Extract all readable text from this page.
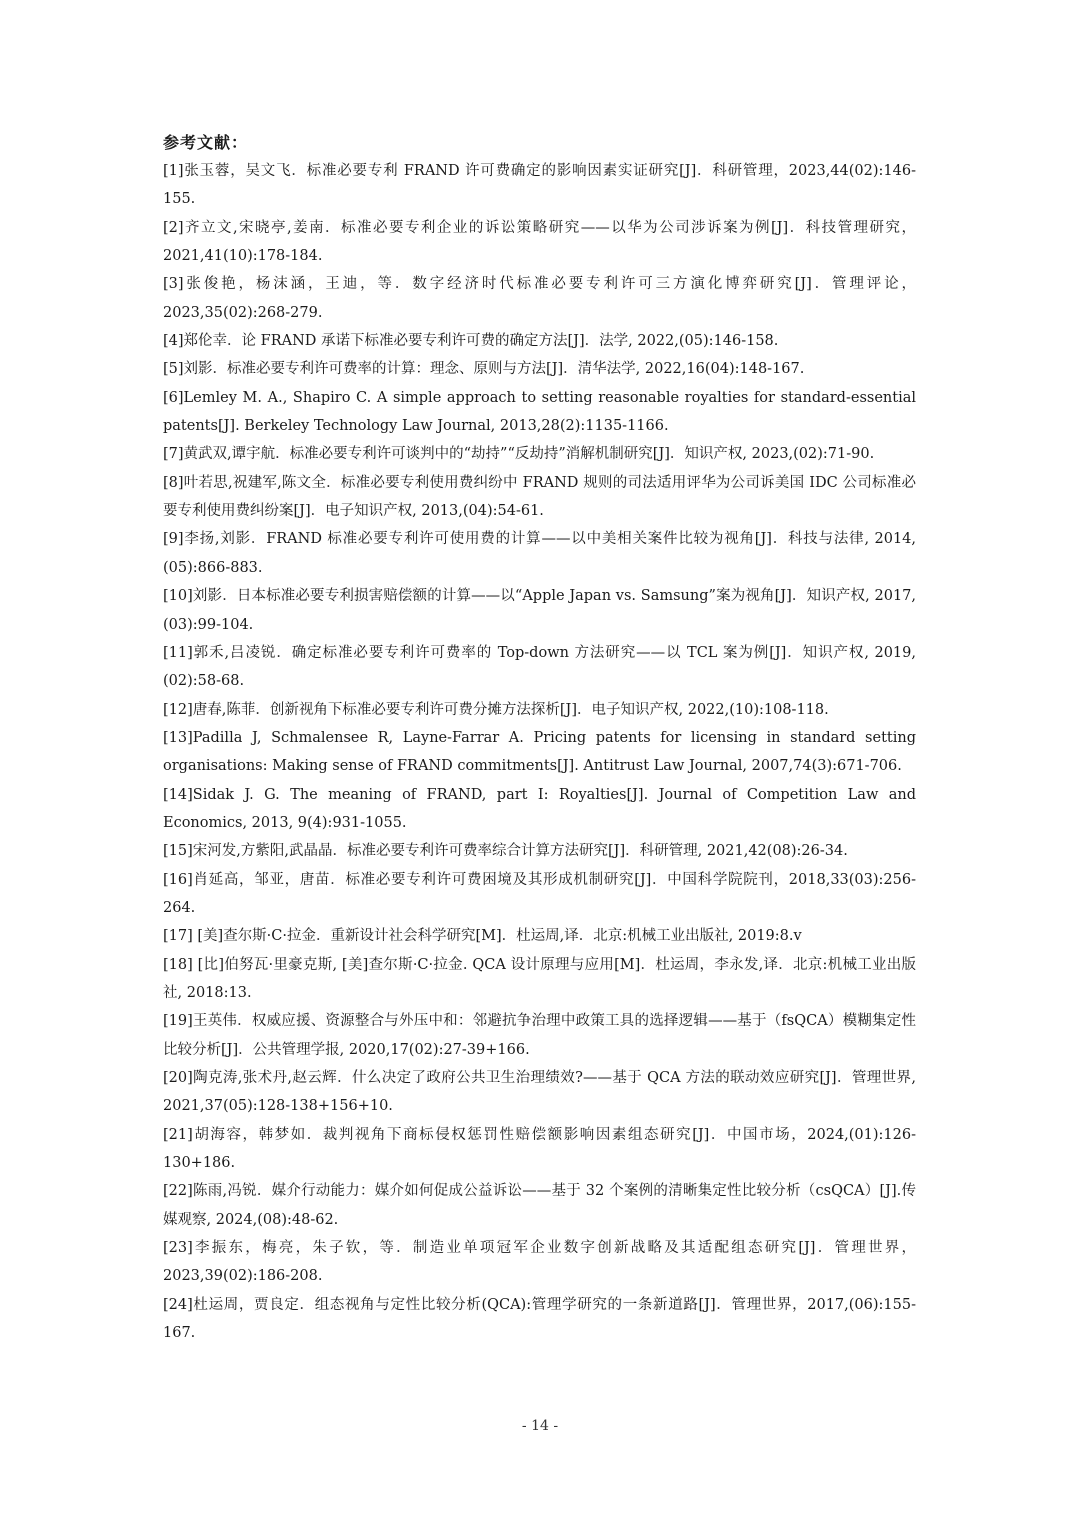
参考文献：
[1]张玉蓉，吴文飞．标准必要专利 FRAND 许可费确定的影响因素实证研究[J]．科研管理，2023,44(02):146-155.
[2]齐立文,宋晓亭,姜南．标准必要专利企业的诉讼策略研究——以华为公司涉诉案为例[J]．科技管理研究，2021,41(10):178-184.
[3]张俊艳，杨沫涵，王迪，等．数字经济时代标准必要专利许可三方演化博弈研究[J]．管理评论，2023,35(02):268-279.
[4]郑伦幸．论 FRAND 承诺下标准必要专利许可费的确定方法[J]．法学, 2022,(05):146-158.
[5]刘影．标准必要专利许可费率的计算：理念、原则与方法[J]．清华法学, 2022,16(04):148-167.
[6]Lemley M. A., Shapiro C. A simple approach to setting reasonable royalties for standard-essential patents[J]. Berkeley Technology Law Journal, 2013,28(2):1135-1166.
[7]黄武双,谭宇航．标准必要专利许可谈判中的“劫持”“反劫持”消解机制研究[J]．知识产权, 2023,(02):71-90.
[8]叶若思,祝建军,陈文全．标准必要专利使用费纠纷中 FRAND 规则的司法适用评华为公司诉美国 IDC 公司标准必要专利使用费纠纷案[J]．电子知识产权, 2013,(04):54-61.
[9]李扬,刘影．FRAND 标准必要专利许可使用费的计算——以中美相关案件比较为视角[J]．科技与法律, 2014,(05):866-883.
[10]刘影．日本标准必要专利损害赔偿额的计算——以“Apple Japan vs. Samsung”案为视角[J]．知识产权, 2017,(03):99-104.
[11]郭禾,吕凌锐．确定标准必要专利许可费率的 Top-down 方法研究——以 TCL 案为例[J]．知识产权, 2019,(02):58-68.
[12]唐春,陈菲．创新视角下标准必要专利许可费分摊方法探析[J]．电子知识产权, 2022,(10):108-118.
[13]Padilla J, Schmalensee R, Layne-Farrar A. Pricing patents for licensing in standard setting organisations: Making sense of FRAND commitments[J]. Antitrust Law Journal, 2007,74(3):671-706.
[14]Sidak J. G. The meaning of FRAND, part I: Royalties[J]. Journal of Competition Law and Economics, 2013, 9(4):931-1055.
[15]宋河发,方紫阳,武晶晶．标准必要专利许可费率综合计算方法研究[J]．科研管理, 2021,42(08):26-34.
[16]肖延高，邹亚，唐苗．标准必要专利许可费困境及其形成机制研究[J]．中国科学院院刊，2018,33(03):256-264.
[17] [美]查尔斯·C·拉金．重新设计社会科学研究[M]．杜运周,译．北京:机械工业出版社, 2019:8.v
[18] [比]伯努瓦·里豪克斯, [美]查尔斯·C·拉金. QCA 设计原理与应用[M]．杜运周，李永发,译．北京:机械工业出版社, 2018:13.
[19]王英伟．权威应援、资源整合与外压中和：邻避抗争治理中政策工具的选择逻辑——基于（fsQCA）模糊集定性比较分析[J]．公共管理学报, 2020,17(02):27-39+166.
[20]陶克涛,张术丹,赵云辉．什么决定了政府公共卫生治理绩效?——基于 QCA 方法的联动效应研究[J]．管理世界, 2021,37(05):128-138+156+10.
[21]胡海容，韩梦如．裁判视角下商标侵权惩罚性赔偿额影响因素组态研究[J]．中国市场，2024,(01):126-130+186.
[22]陈雨,冯锐．媒介行动能力：媒介如何促成公益诉讼——基于 32 个案例的清晰集定性比较分析（csQCA）[J].传媒观察, 2024,(08):48-62.
[23]李振东，梅亮，朱子钦，等．制造业单项冠军企业数字创新战略及其适配组态研究[J]．管理世界，2023,39(02):186-208.
[24]杜运周，贾良定．组态视角与定性比较分析(QCA):管理学研究的一条新道路[J]．管理世界，2017,(06):155-167.
- 14 -
